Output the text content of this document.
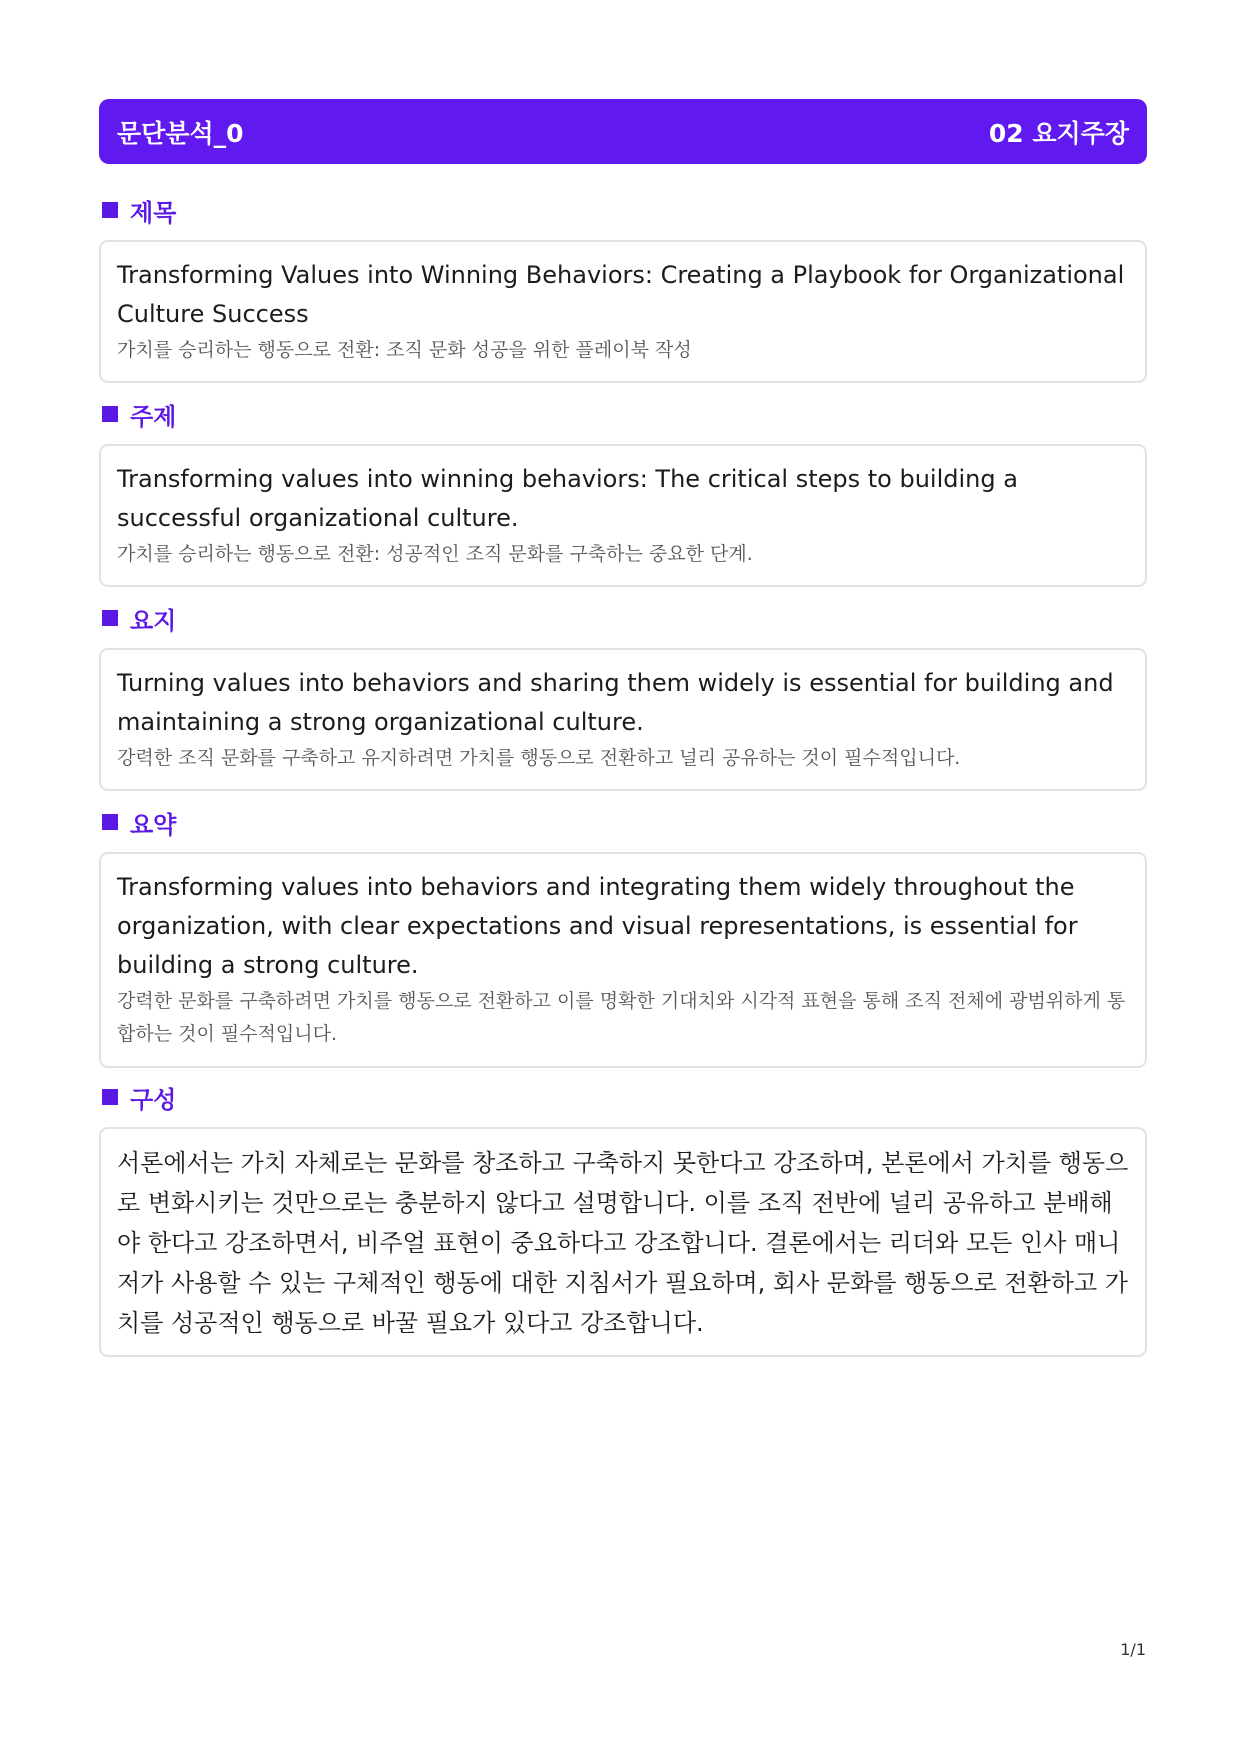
문단분석_0	02 요지주장
제목
Transforming Values into Winning Behaviors: Creating a Playbook for Organizational Culture Success
가치를 승리하는 행동으로 전환: 조직 문화 성공을 위한 플레이북 작성
주제
Transforming values into winning behaviors: The critical steps to building a successful organizational culture.
가치를 승리하는 행동으로 전환: 성공적인 조직 문화를 구축하는 중요한 단계.
요지
Turning values into behaviors and sharing them widely is essential for building and maintaining a strong organizational culture.
강력한 조직 문화를 구축하고 유지하려면 가치를 행동으로 전환하고 널리 공유하는 것이 필수적입니다.
요약
Transforming values into behaviors and integrating them widely throughout the organization, with clear expectations and visual representations, is essential for building a strong culture.
강력한 문화를 구축하려면 가치를 행동으로 전환하고 이를 명확한 기대치와 시각적 표현을 통해 조직 전체에 광범위하게 통합하는 것이 필수적입니다.
구성
서론에서는 가치 자체로는 문화를 창조하고 구축하지 못한다고 강조하며, 본론에서 가치를 행동으로 변화시키는 것만으로는 충분하지 않다고 설명합니다. 이를 조직 전반에 널리 공유하고 분배해야 한다고 강조하면서, 비주얼 표현이 중요하다고 강조합니다. 결론에서는 리더와 모든 인사 매니저가 사용할 수 있는 구체적인 행동에 대한 지침서가 필요하며, 회사 문화를 행동으로 전환하고 가치를 성공적인 행동으로 바꿀 필요가 있다고 강조합니다.
1/1
